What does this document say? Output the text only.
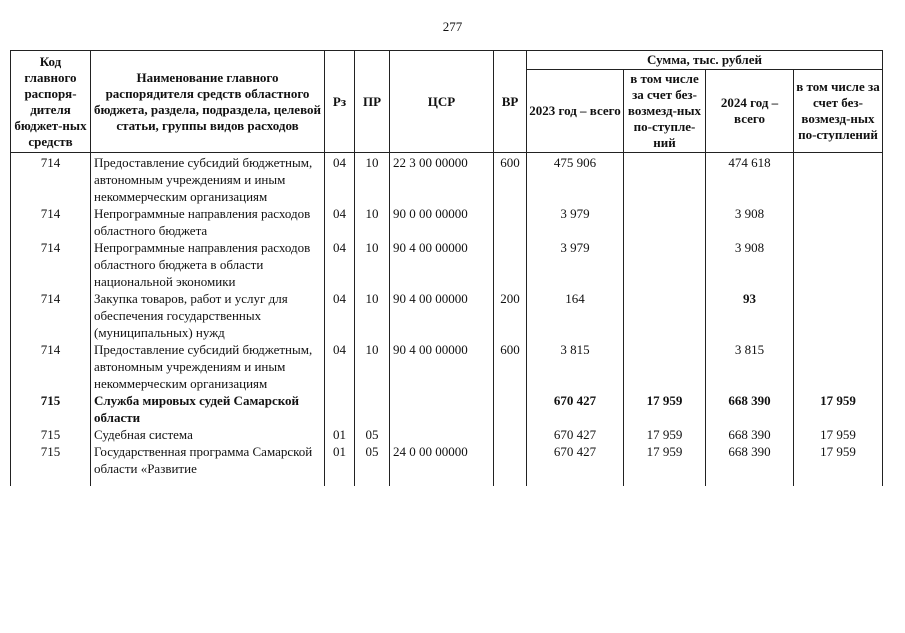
277
Код главного распоря-дителя бюджет-ных средств	Наименование главного распорядителя средств областного бюджета, раздела, подраздела, целевой статьи, группы видов расходов	Рз	ПР	ЦСР	ВР	Сумма, тыс. рублей			
						2023 год – всего	в том числе за счет без-возмезд-ных по-ступле-ний	2024 год – всего	в том числе за счет без-возмезд-ных по-ступлений
714	Предоставление субсидий бюджетным, автономным учреждениям и иным некоммерческим организациям	04	10	22 3 00 00000	600	475 906		474 618	
714	Непрограммные направления расходов областного бюджета	04	10	90 0 00 00000		3 979		3 908	
714	Непрограммные направления расходов областного бюджета в области национальной экономики	04	10	90 4 00 00000		3 979		3 908	
714	Закупка товаров, работ и услуг для обеспечения государственных (муниципальных) нужд	04	10	90 4 00 00000	200	164		93	
714	Предоставление субсидий бюджетным, автономным учреждениям и иным некоммерческим организациям	04	10	90 4 00 00000	600	3 815		3 815	
715	Служба мировых судей Самарской области					670 427	17 959	668 390	17 959
715	Судебная система	01	05			670 427	17 959	668 390	17 959
715	Государственная программа Самарской области «Развитие	01	05	24 0 00 00000		670 427	17 959	668 390	17 959
